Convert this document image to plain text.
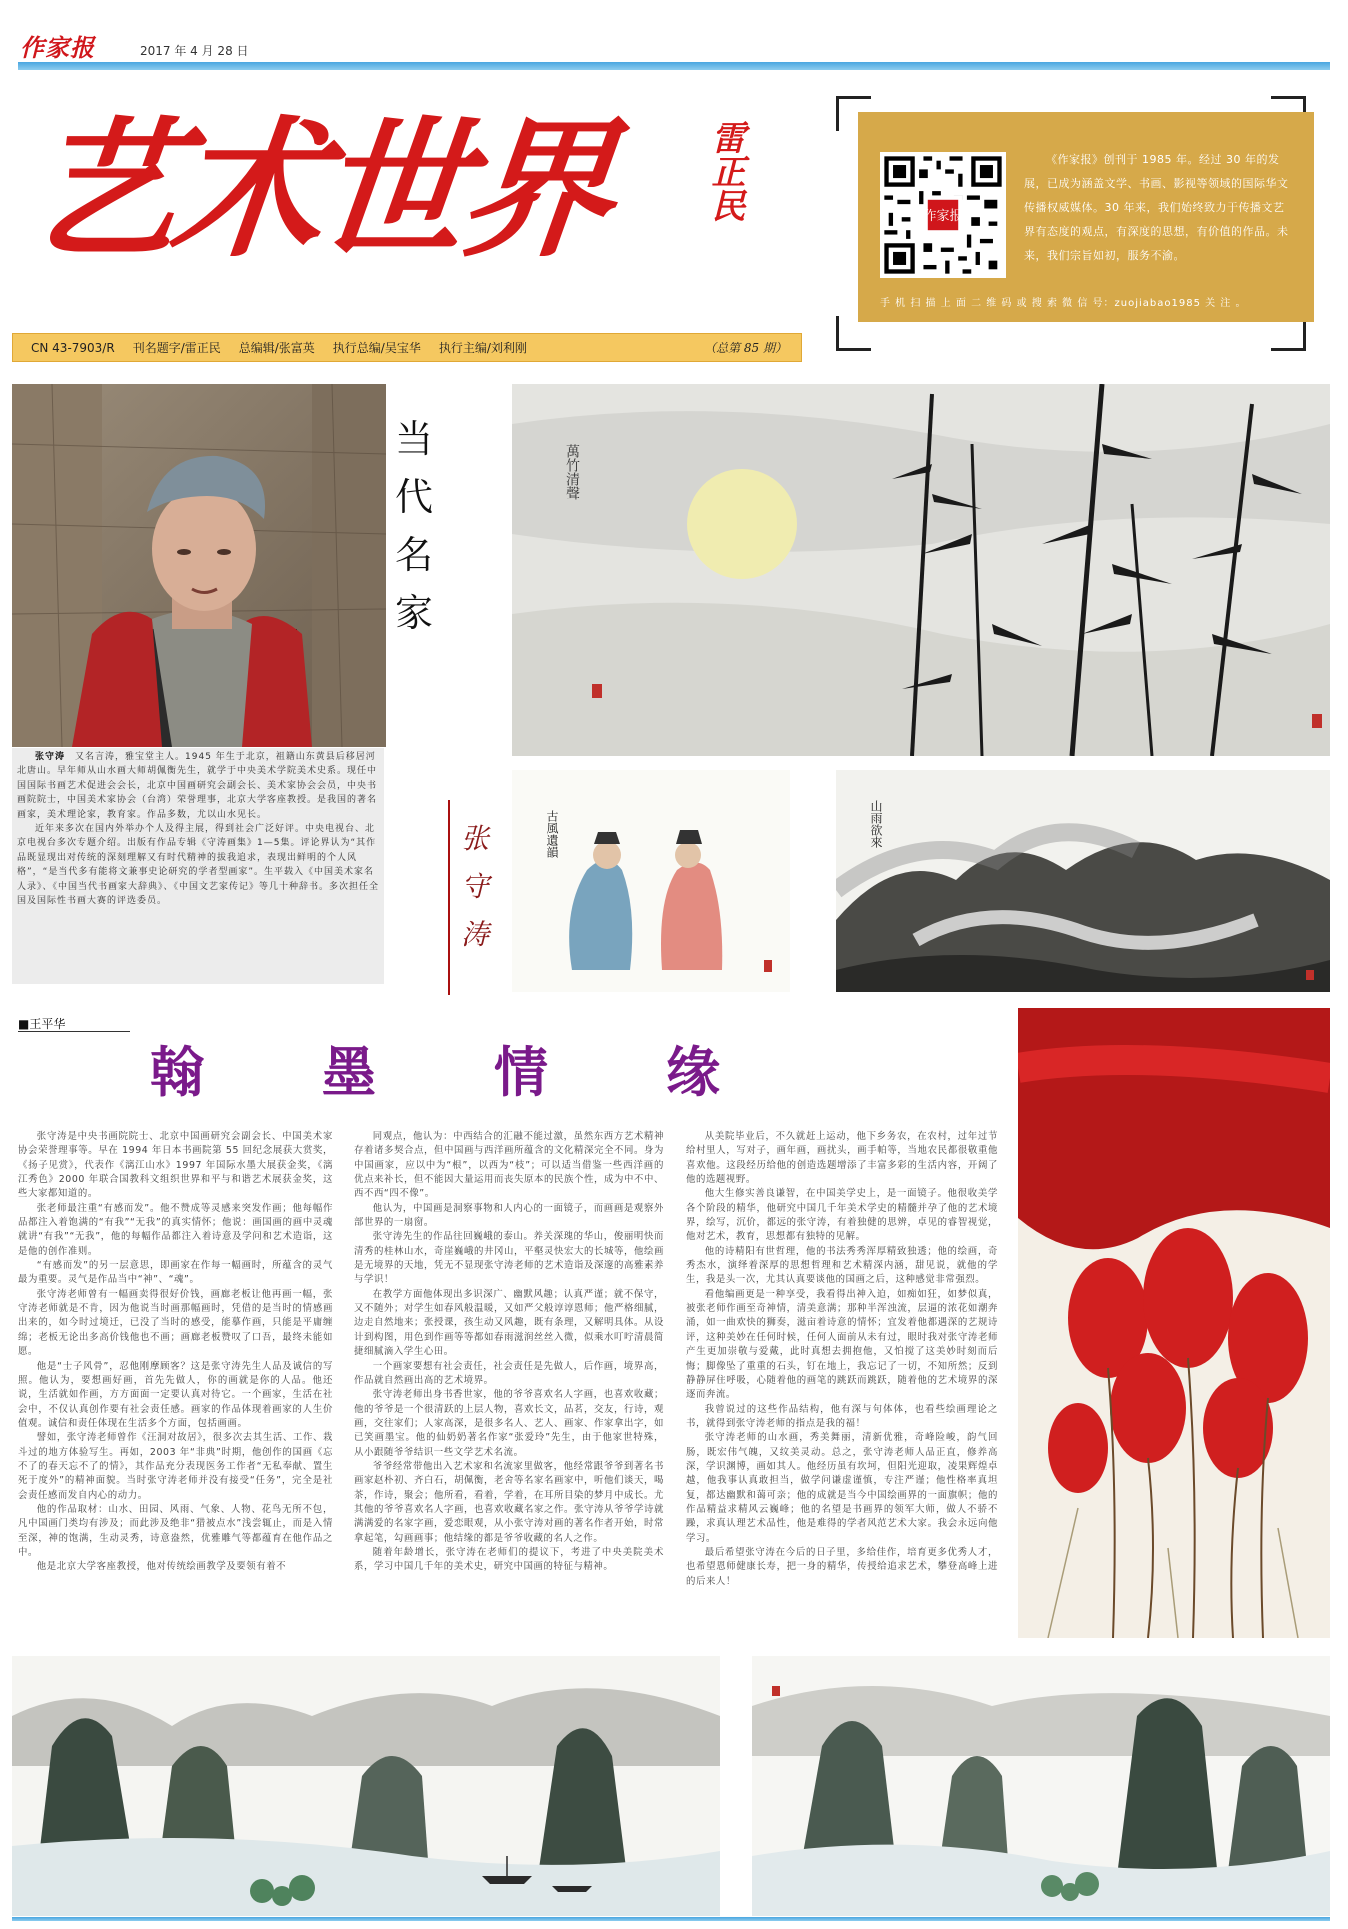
作家报	2017 年 4 月 28 日
艺术世界	雷正民	作家报
《作家报》创刊于 1985 年。经过 30 年的发展，已成为涵盖文学、书画、影视等领域的国际华文传播权威媒体。30 年来，我们始终致力于传播文艺界有态度的观点，有深度的思想，有价值的作品。未来，我们宗旨如初，服务不渝。
手 机 扫 描 上 面 二 维 码 或 搜 索 微 信 号：zuojiabao1985 关 注 。
CN 43-7903/R 刊名题字/雷正民 总编辑/张富英 执行总编/吴宝华 执行主编/刘利刚	（总第 85 期）

张守涛　 又名言涛，雅宝堂主人。1945 年生于北京，祖籍山东黄县后移居河北唐山。早年师从山水画大师胡佩衡先生，就学于中央美术学院美术史系。现任中国国际书画艺术促进会会长，北京中国画研究会副会长、美术家协会会员，中央书画院院士，中国美术家协会（台湾）荣誉理事，北京大学客座教授。是我国的著名画家，美术理论家，教育家。作品多数，尤以山水见长。

近年来多次在国内外举办个人及得主展，得到社会广泛好评。中央电视台、北京电视台多次专题介绍。出版有作品专辑《守涛画集》1—5集。评论界认为“其作品既显现出对传统的深刻理解又有时代精神的拔我追求，表现出鲜明的个人风格”，“是当代多有能将文兼事史论研究的学者型画家”。生平载入《中国美术家名人录》、《中国当代书画家大辞典》、《中国文艺家传记》等几十种辞书。多次担任全国及国际性书画大赛的评选委员。

当代名家
张守涛
萬竹清聲
古風遺韻	山雨欲來
■王平华
翰墨情缘

张守涛是中央书画院院士、北京中国画研究会副会长、中国美术家协会荣誉理事等。早在 1994 年日本书画院第 55 回纪念展获大赏奖，《扬子见赏》，代表作《漓江山水》1997 年国际水墨大展获金奖，《漓江秀色》2000 年联合国教科文组织世界和平与和谐艺术展获金奖，这些大家都知道的。

张老师最注重“有感而发”。他不赞成等灵感来突发作画；他每幅作品都注入着饱满的“有我”“无我”的真实情怀；他说：画国画的画中灵魂就讲“有我”“无我”，他的每幅作品都注入着诗意及学问和艺术造诣，这是他的创作准则。

“有感而发”的另一层意思，即画家在作每一幅画时，所蕴含的灵气最为重要。灵气是作品当中“神”、“魂”。

张守涛老师曾有一幅画卖得很好价钱，画廊老板让他再画一幅，张守涛老师就是不肯，因为他说当时画那幅画时，凭借的是当时的情感画出来的，如今时过境迁，已没了当时的感受，能摹作画，只能是平庸缠绵；老板无论出多高价钱他也不画；画廊老板赞叹了口吾，最终未能如愿。

他是“士子风骨”，忍他刚摩顾客？这是张守涛先生人品及诚信的写照。他认为，要想画好画，首先先做人，你的画就是你的人品。他还说，生活就如作画，方方面面一定要认真对待它。一个画家，生活在社会中，不仅认真创作要有社会责任感。画家的作品体现着画家的人生价值观。诚信和责任体现在生活多个方面，包括画画。

譬如，张守涛老师曾作《汪洞对故居》，很多次去其生活、工作、栽斗过的地方体验写生。再如，2003 年“非典”时期，他创作的国画《忘不了的春天忘不了的情》，其作品充分表现医务工作者“无私奉献、置生死于度外”的精神面貌。当时张守涛老师并没有接受“任务”，完全是社会责任感而发自内心的动力。

他的作品取材：山水、田园、风雨、气象、人物、花鸟无所不包，凡中国画门类均有涉及；而此涉及绝非“猎被点水”浅尝辄止，而是入情至深，神的饱满，生动灵秀，诗意盎然，优雅雕气等都蕴育在他作品之中。

他是北京大学客座教授，他对传统绘画教学及要领有着不

同观点，他认为：中西结合的汇融不能过激，虽然东西方艺术精神存着诸多契合点，但中国画与西洋画所蕴含的文化精深完全不同。身为中国画家，应以中为“根”，以西为“枝”；可以适当借鉴一些西洋画的优点来补长，但不能因大量运用而丧失原本的民族个性，成为中不中、西不西“四不像”。

他认为，中国画是洞察事物和人内心的一面镜子，而画画是观察外部世界的一扇窗。

张守涛先生的作品往回巍峨的泰山。养关深瑰的华山，俊丽明快而清秀的桂林山水，奇崖巍峨的井冈山，平壑灵快宏大的长城等，他绘画是无境界的天地，凭无不显现张守涛老师的艺术造诣及深邃的高雅素养与学识！

在教学方面他体现出多识深广、幽默风趣；认真严谨；就不保守，又不随外；对学生如春风般温暖，又如严父般谆谆恩师；他严格细腻，边走自然地来；张授课，孩生动又风趣，既有条理，又解明具体。从设计到构图，用色到作画等等都如春雨滋润丝丝入微，似乘水叮咛清晨简捷细腻滴入学生心田。

一个画家要想有社会责任，社会责任是先做人，后作画，境界高，作品就自然画出高的艺术境界。

张守涛老师出身书香世家，他的爷爷喜欢名人字画，也喜欢收藏；他的爷爷是一个很清跃的上层人物，喜欢长文，品茗，交友，行诗，观画，交往家们；人家高深，是很多名人、艺人、画家、作家拿出字，如已笑画墨宝。他的仙奶奶著名作家“张爱玲”先生，由于他家世特殊，从小跟随爷爷结识一些文学艺术名流。

爷爷经常带他出入艺术家和名流家里做客，他经常跟爷爷到著名书画家赵朴初、齐白石，胡佩衡，老舍等名家名画家中，听他们谈天，喝茶，作诗，聚会；他所看，看着，学着，在耳所目染的梦月中成长。尤其他的爷爷喜欢名人字画，也喜欢收藏名家之作。张守涛从爷爷学诗就满满爱的名家字画，爱恋眼观，从小张守涛对画的著名作者开始，时常拿起笔，勾画画事；他结缘的都是爷爷收藏的名人之作。

随着年龄增长，张守涛在老师们的提议下，考进了中央美院美术系，学习中国几千年的美术史，研究中国画的特征与精神。

从美院毕业后，不久就赶上运动，他下乡务农，在农村，过年过节给村里人，写对子，画年画，画扰头，画手帕等，当地农民都很敬重他喜欢他。这段经历给他的创造选题增添了丰富多彩的生活内容，开阔了他的选题视野。

他大生修实善良谦智，在中国美学史上，是一面镜子。他很收美学各个阶段的精华，他研究中国几千年美术学史的精髓并孕了他的艺术境界，绘写，沉价，都远的张守涛，有着独健的思辨，卓见的睿智视觉，他对艺术，教育，思想都有独特的见解。

他的诗精阳有世哲理，他的书法秀秀浑厚精致独透；他的绘画，奇秀杰水，演绎着深厚的思想哲理和艺术精深内涵，甜见说，就他的学生，我是头一次，尤其认真要谈他的国画之后，这种感觉非常强烈。

看他编画更是一种享受，我看得出神入迫，如痴如狂，如梦似真，被张老师作画至奇神情，清美意满；那种半浑浊流，层逼的浓花如潮奔涌，如一曲欢快的狮奏，滋亩着诗意的情怀；宜发着他都遇深的艺规诗评，这种美妙在任何时候，任何人面前从未有过，眼时我对张守涛老师产生更加崇敬与爱戴，此时真想去拥抱他，又怕搅了这美妙时刻而后悔；脚像坠了重重的石头，钉在地上，我忘记了一切，不知所然；反到静静屏住呼吸，心随着他的画笔的跳跃而跳跃，随着他的艺术境界的深逐而奔流。

我曾说过的这些作品结构，他有深与句体体，也看些绘画理论之书，就得到张守涛老师的指点是我的福！

张守涛老师的山水画，秀美舞丽，清新优雅，奇峰险峻，韵气回肠，既宏伟气魄，又纹美灵动。总之，张守涛老师人品正直，修养高深，学识渊博，画如其人。他经历虽有坎坷，但阳光迎取，凌果辉煌卓越，他我事认真敢担当，做学问谦虚谨慎，专注严谨；他性格率真坦复，都达幽默和蔼可亲；他的成就是当今中国绘画界的一面旗帜；他的作品精益求精风云巍峰；他的名望是书画界的领军大师，做人不骄不躁，求真认理艺术品性，他是难得的学者风范艺术大家。我会永远向他学习。

最后希望张守涛在今后的日子里，多给佳作，培育更多优秀人才，也希望恩师健康长寿，把一身的精华，传授给追求艺术，攀登高峰上进的后来人！
